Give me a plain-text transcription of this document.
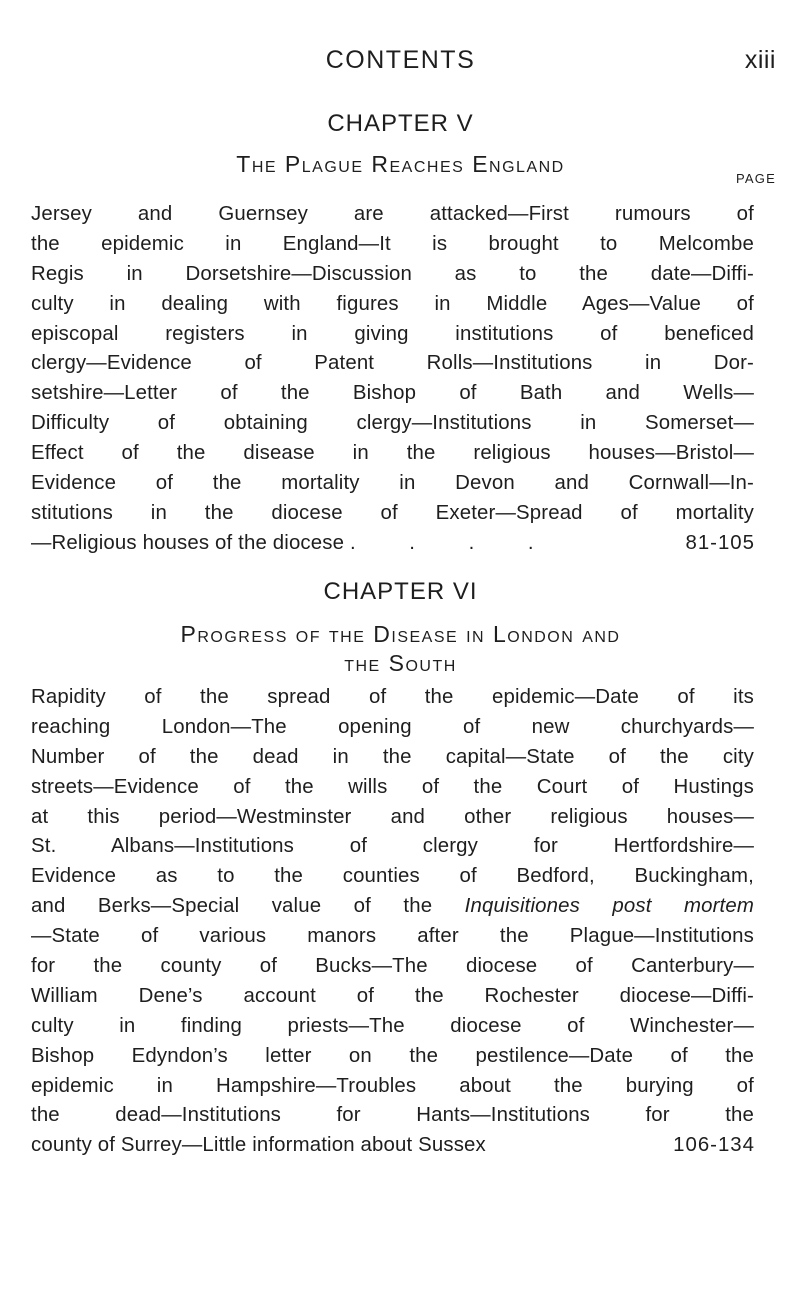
CONTENTS	xiii
CHAPTER V
The Plague Reaches England
PAGE
Jersey and Guernsey are attacked—First rumours of
the epidemic in England—It is brought to Melcombe
Regis in Dorsetshire—Discussion as to the date—Diffi-
culty in dealing with figures in Middle Ages—Value of
episcopal registers in giving institutions of beneficed
clergy—Evidence of Patent Rolls—Institutions in Dor-
setshire—Letter of the Bishop of Bath and Wells—
Difficulty of obtaining clergy—Institutions in Somerset—
Effect of the disease in the religious houses—Bristol—
Evidence of the mortality in Devon and Cornwall—In-
stitutions in the diocese of Exeter—Spread of mortality
—Religious houses of the diocese . . . .	81-105
CHAPTER VI
Progress of the Disease in London and
the South
Rapidity of the spread of the epidemic—Date of its
reaching London—The opening of new churchyards—
Number of the dead in the capital—State of the city
streets—Evidence of the wills of the Court of Hustings
at this period—Westminster and other religious houses—
St. Albans—Institutions of clergy for Hertfordshire—
Evidence as to the counties of Bedford, Buckingham,
and Berks—Special value of the Inquisitiones post mortem
—State of various manors after the Plague—Institutions
for the county of Bucks—The diocese of Canterbury—
William Dene’s account of the Rochester diocese—Diffi-
culty in finding priests—The diocese of Winchester—
Bishop Edyndon’s letter on the pestilence—Date of the
epidemic in Hampshire—Troubles about the burying of
the dead—Institutions for Hants—Institutions for the
county of Surrey—Little information about Sussex	106-134
